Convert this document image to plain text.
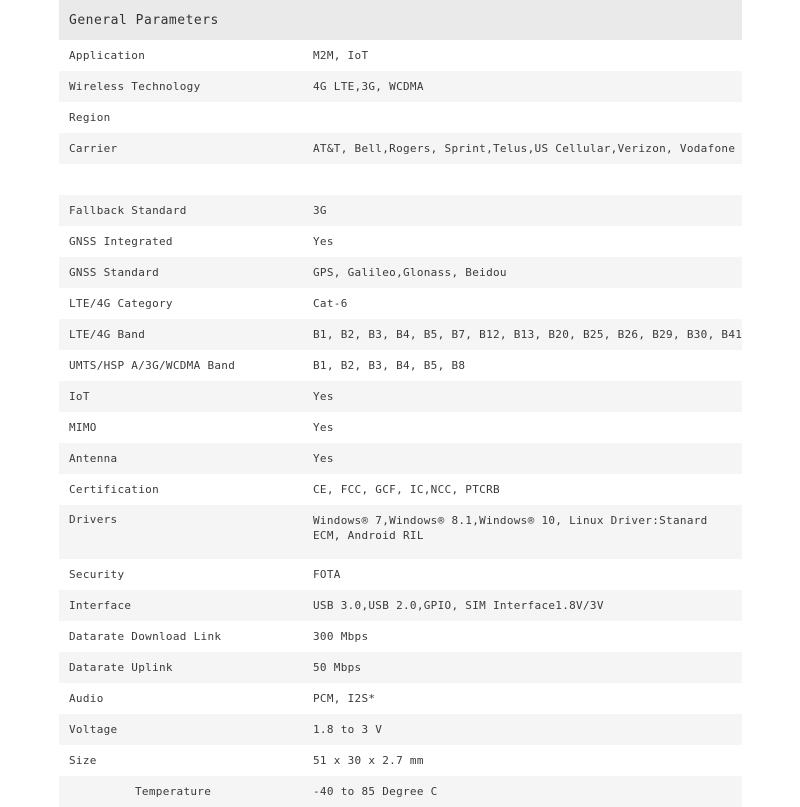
General Parameters
Application	M2M, IoT
Wireless Technology	4G LTE,3G, WCDMA
Region	
Carrier	AT&T, Bell,Rogers, Sprint,Telus,US Cellular,Verizon, Vodafone

Fallback Standard	3G
GNSS Integrated	Yes
GNSS Standard	GPS, Galileo,Glonass, Beidou
LTE/4G Category	Cat-6
LTE/4G Band	B1, B2, B3, B4, B5, B7, B12, B13, B20, B25, B26, B29, B30, B41
UMTS/HSP A/3G/WCDMA Band	B1, B2, B3, B4, B5, B8
IoT	Yes
MIMO	Yes
Antenna	Yes
Certification	CE, FCC, GCF, IC,NCC, PTCRB
Drivers	Windows® 7,Windows® 8.1,Windows® 10, Linux Driver:Stanard ECM, Android RIL
Security	FOTA
Interface	USB 3.0,USB 2.0,GPIO, SIM Interface1.8V/3V
Datarate Download Link	300 Mbps
Datarate Uplink	50 Mbps
Audio	PCM, I2S*
Voltage	1.8 to 3 V
Size	51 x 30 x 2.7 mm
Temperature	-40 to 85 Degree C
